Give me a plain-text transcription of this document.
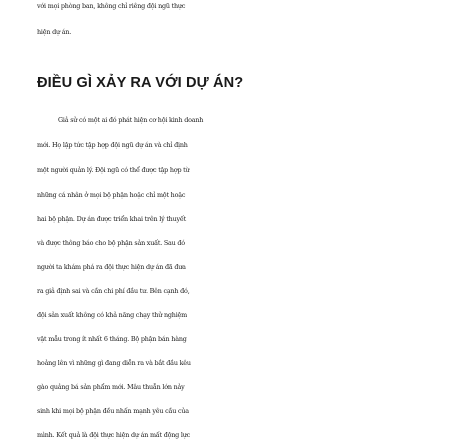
với mọi phòng ban, không chỉ riêng đội ngũ thực

hiện dự án.

ĐIỀU GÌ XẢY RA VỚI DỰ ÁN?

Giả sử có một ai đó phát hiện cơ hội kinh doanh

mới. Họ lập tức tập hợp đội ngũ dự án và chỉ định

một người quản lý. Đội ngũ có thể được tập hợp từ

những cá nhân ở mọi bộ phận hoặc chỉ một hoặc

hai bộ phận. Dự án được triển khai trên lý thuyết

và được thông báo cho bộ phận sản xuất. Sau đó

người ta khám phá ra đội thực hiện dự án đã đưa

ra giả định sai và cần chi phí đầu tư. Bên cạnh đó,

đội sản xuất không có khả năng chạy thử nghiệm

vật mẫu trong ít nhất 6 tháng. Bộ phận bán hàng

hoảng lên vì những gì đang diễn ra và bắt đầu kêu

gào quảng bá sản phẩm mới. Mâu thuẫn lớn nảy

sinh khi mọi bộ phận đều nhấn mạnh yêu cầu của

mình. Kết quả là đội thực hiện dự án mất động lực
